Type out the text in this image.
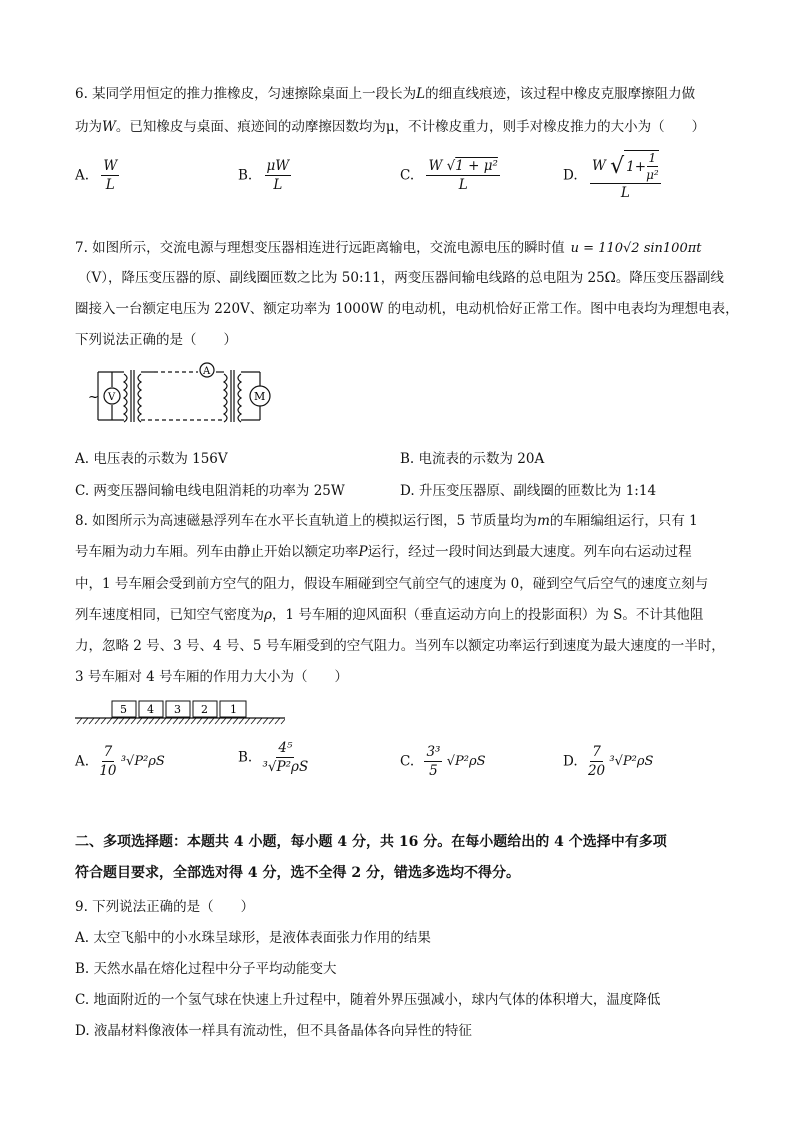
6. 某同学用恒定的推力推橡皮，匀速擦除桌面上一段长为L的细直线痕迹，该过程中橡皮克服摩擦阻力做
功为W。已知橡皮与桌面、痕迹间的动摩擦因数均为μ，不计橡皮重力，则手对橡皮推力的大小为（　　）
A. $\frac{W}{L}$	B. $\frac{\mu W}{L}$	C. $\frac{\text{W √1 + μ²}}{L}$	D. W
√ $1+ \frac{1}{\text{μ²}}$
L
7. 如图所示，交流电源与理想变压器相连进行远距离输电，交流电源电压的瞬时值 u = 110√2 sin100πt
（V），降压变压器的原、副线圈匝数之比为 50:11，两变压器间输电线路的总电阻为 25Ω。降压变压器副线
圈接入一台额定电压为 220V、额定功率为 1000W 的电动机，电动机恰好正常工作。图中电表均为理想电表，
下列说法正确的是（　　）
~ V
A
M
A. 电压表的示数为 156V	B. 电流表的示数为 20A
C. 两变压器间输电线电阻消耗的功率为 25W	D. 升压变压器原、副线圈的匝数比为 1:14
8. 如图所示为高速磁悬浮列车在水平长直轨道上的模拟运行图，5 节质量均为m的车厢编组运行，只有 1
号车厢为动力车厢。列车由静止开始以额定功率P运行，经过一段时间达到最大速度。列车向右运动过程
中，1 号车厢会受到前方空气的阻力，假设车厢碰到空气前空气的速度为 0，碰到空气后空气的速度立刻与
列车速度相同，已知空气密度为ρ，1 号车厢的迎风面积（垂直运动方向上的投影面积）为 S。不计其他阻
力，忽略 2 号、3 号、4 号、5 号车厢受到的空气阻力。当列车以额定功率运行到速度为最大速度的一半时，
3 号车厢对 4 号车厢的作用力大小为（　　）
5 4 3 2 1
A. $\frac{7}{10} ^3√P^2\rho S$	B. $\frac{\text{4⁵}}{\text{³√P²ρS}}$	C. $\frac{\text{3³}}{5} √P^2\rho S$	D. $\frac{7}{20} ^3√P^2\rho S$
二、多项选择题：本题共 4 小题，每小题 4 分，共 16 分。在每小题给出的 4 个选择中有多项
符合题目要求，全部选对得 4 分，选不全得 2 分，错选多选均不得分。
9. 下列说法正确的是（　　）
A. 太空飞船中的小水珠呈球形，是液体表面张力作用的结果
B. 天然水晶在熔化过程中分子平均动能变大
C. 地面附近的一个氢气球在快速上升过程中，随着外界压强减小，球内气体的体积增大，温度降低
D. 液晶材料像液体一样具有流动性，但不具备晶体各向异性的特征
